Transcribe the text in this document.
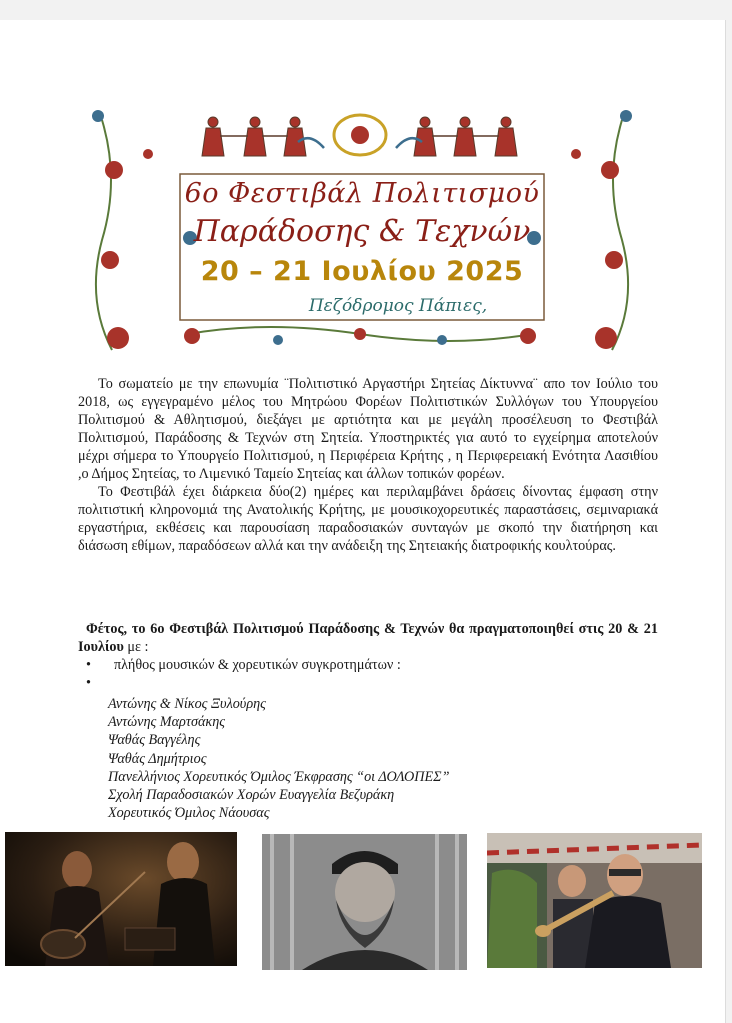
6ο Φεστιβάλ Πολιτισμού
Παράδοσης & Τεχνών
20 – 21 Ιουλίου 2025
Πεζόδρομος Πάπιες,

Το σωματείο με την επωνυμία ¨Πολιτιστικό Αργαστήρι Σητείας Δίκτυννα¨ απο τον Ιούλιο του 2018, ως εγγεγραμένο μέλος του Μητρώου Φορέων Πολιτιστικών Συλλόγων του Υπουργείου Πολιτισμού & Αθλητισμού, διεξάγει με αρτιότητα και με μεγάλη προσέλευση το Φεστιβάλ Πολιτισμού, Παράδοσης & Τεχνών στη Σητεία. Υποστηρικτές για αυτό το εγχείρημα αποτελούν μέχρι σήμερα το Υπουργείο Πολιτισμού, η Περιφέρεια Κρήτης , η Περιφερειακή Ενότητα Λασιθίου ,ο Δήμος Σητείας, το Λιμενικό Ταμείο Σητείας και άλλων τοπικών φορέων.

Το Φεστιβάλ έχει διάρκεια δύο(2) ημέρες και περιλαμβάνει δράσεις δίνοντας έμφαση στην πολιτιστική κληρονομιά της Ανατολικής Κρήτης, με μουσικοχορευτικές παραστάσεις, σεμιναριακά εργαστήρια, εκθέσεις και παρουσίαση παραδοσιακών συνταγών με σκοπό την διατήρηση και διάσωση εθίμων, παραδόσεων αλλά και την ανάδειξη της Σητειακής διατροφικής κουλτούρας.

Φέτος, το 6ο Φεστιβάλ Πολιτισμού Παράδοσης & Τεχνών θα πραγματοποιηθεί στις 20 & 21 Ιουλίου με :
• πλήθος μουσικών & χορευτικών συγκροτημάτων :
•
Αντώνης & Νίκος Ξυλούρης
Αντώνης Μαρτσάκης
Ψαθάς Βαγγέλης
Ψαθάς Δημήτριος
Πανελλήνιος Χορευτικός Όμιλος Έκφρασης “οι ΔΟΛΟΠΕΣ”
Σχολή Παραδοσιακών Χορών Ευαγγελία Βεζυράκη
Χορευτικός Όμιλος Νάουσας
